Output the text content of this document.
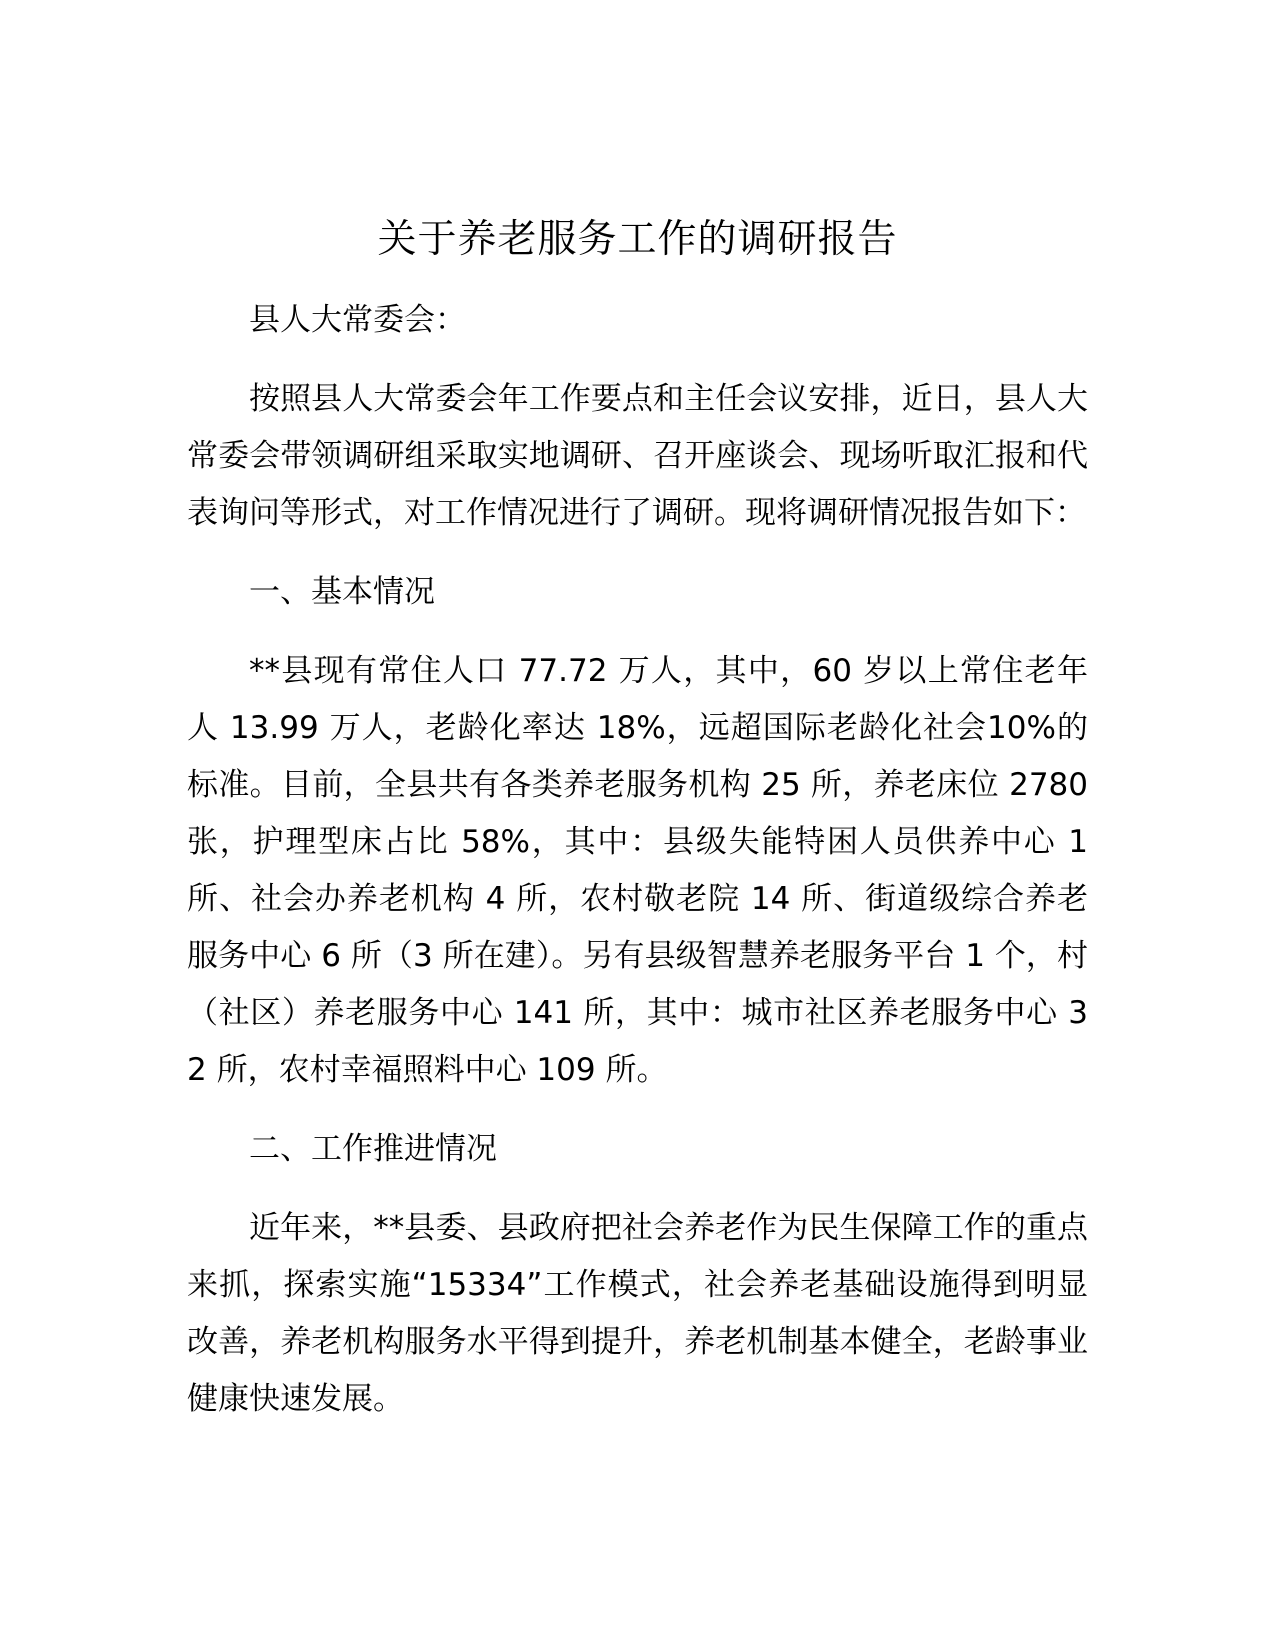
关于养老服务工作的调研报告

县人大常委会：

按照县人大常委会年工作要点和主任会议安排，近日，县人大常委会带领调研组采取实地调研、召开座谈会、现场听取汇报和代表询问等形式，对工作情况进行了调研。现将调研情况报告如下：

一、基本情况

**县现有常住人口 77.72 万人，其中，60 岁以上常住老年人 13.99 万人，老龄化率达 18%，远超国际老龄化社会10%的标准。目前，全县共有各类养老服务机构 25 所，养老床位 2780 张，护理型床占比 58%，其中：县级失能特困人员供养中心 1 所、社会办养老机构 4 所，农村敬老院 14 所、街道级综合养老服务中心 6 所（3 所在建）。另有县级智慧养老服务平台 1 个，村（社区）养老服务中心 141 所，其中：城市社区养老服务中心 32 所，农村幸福照料中心 109 所。

二、工作推进情况

近年来，**县委、县政府把社会养老作为民生保障工作的重点来抓，探索实施“15334”工作模式，社会养老基础设施得到明显改善，养老机构服务水平得到提升，养老机制基本健全，老龄事业健康快速发展。
